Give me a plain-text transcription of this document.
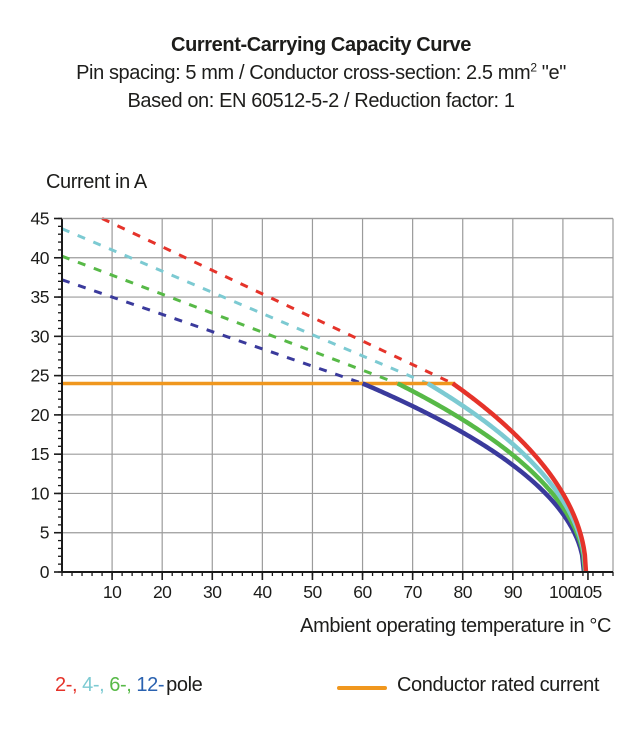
Current-Carrying Capacity Curve

Pin spacing: 5 mm / Conductor cross-section: 2.5 $mm^2$ "e"

Based on: EN 60512-5-2 / Reduction factor: 1

Current in A
10 20 30 40 50 60 70 80 90 100
105
0
5
10
15
20
25
30
35
40
45
Ambient operating temperature in °C
2-, 4-, 6-, 12- pole	Conductor rated current
